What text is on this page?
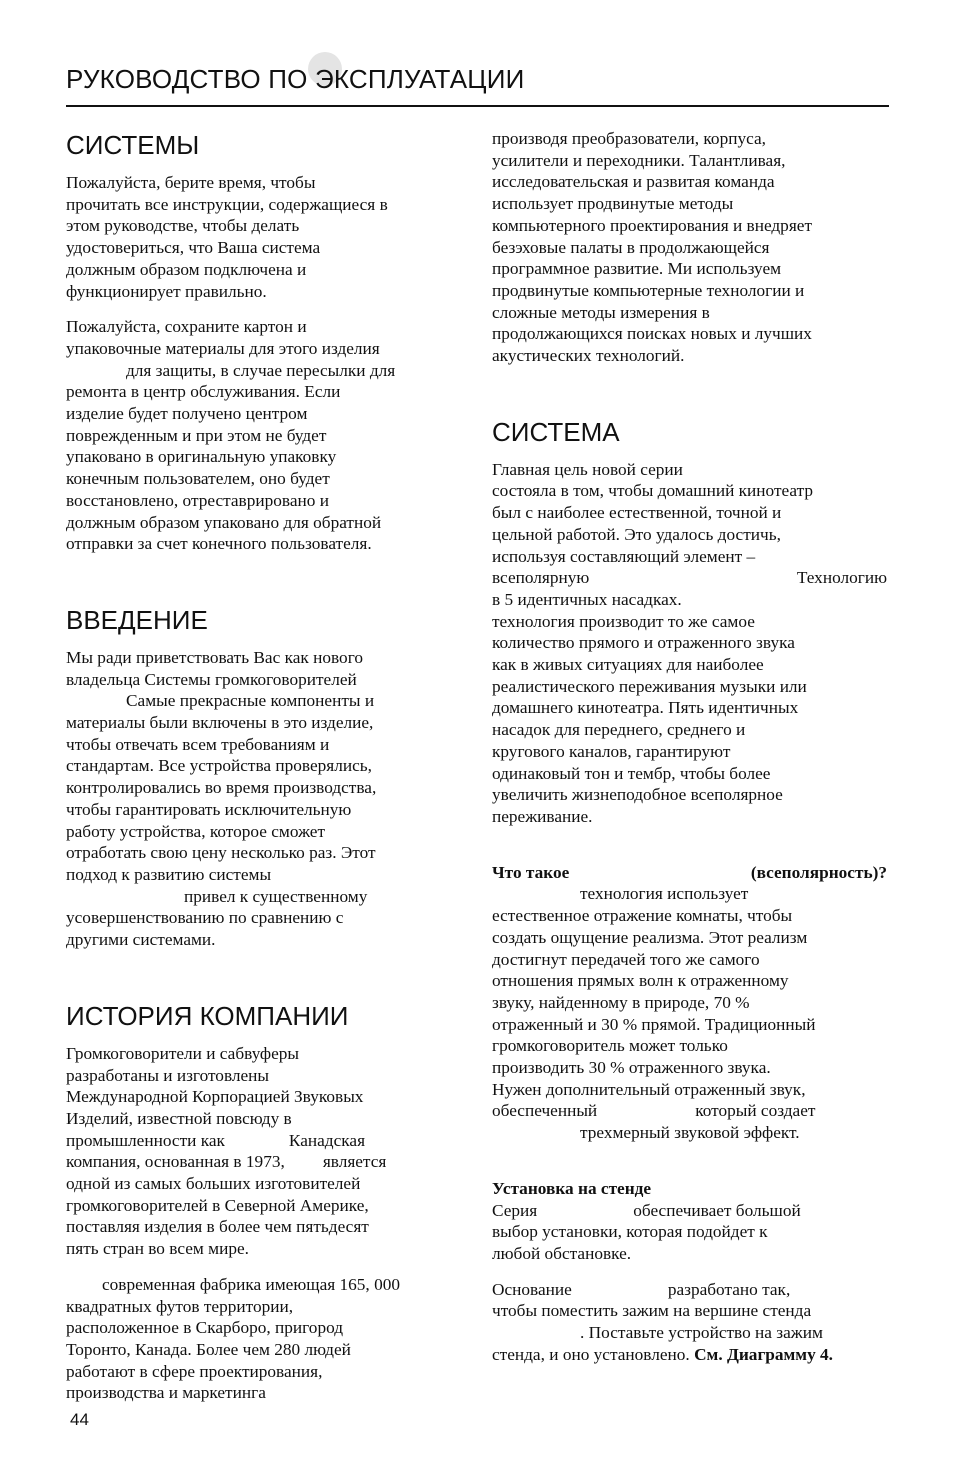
РУКОВОДСТВО ПО ЭКСПЛУАТАЦИИ
СИСТЕМЫ

Пожалуйста, берите время, чтобы
прочитать все инструкции, содержащиеся в
этом руководстве, чтобы делать
удостовериться, что Ваша система
должным образом подключена и
функционирует правильно.

Пожалуйста, сохраните картон и
упаковочные материалы для этого изделия
для защиты, в случае пересылки для
ремонта в центр обслуживания. Если
изделие будет получено центром
поврежденным и при этом не будет
упаковано в оригинальную упаковку
конечным пользователем, оно будет
восстановлено, отреставрировано и
должным образом упаковано для обратной
отправки за счет конечного пользователя.

ВВЕДЕНИЕ

Мы ради приветствовать Вас как нового
владельца Системы громкоговорителей
Самые прекрасные компоненты и
материалы были включены в это изделие,
чтобы отвечать всем требованиям и
стандартам. Все устройства проверялись,
контролировались во время производства,
чтобы гарантировать исключительную
работу устройства, которое сможет
отработать свою цену несколько раз. Этот
подход к развитию системы
привел к существенному
усовершенствованию по сравнению с
другими системами.

ИСТОРИЯ КОМПАНИИ

Громкоговорители и сабвуферы
разработаны и изготовлены
Международной Корпорацией Звуковых
Изделий, известной повсюду в
промышленности как	Канадская
компания, основанная в 1973, является
одной из самых больших изготовителей
громкоговорителей в Северной Америке,
поставляя изделия в более чем пятьдесят
пять стран во всем мире.

современная фабрика имеющая 165, 000
квадратных футов территории,
расположенное в Скарборо, пригород
Торонто, Канада. Более чем 280 людей
работают в сфере проектирования,
производства и маркетинга

производя преобразователи, корпуса,
усилители и переходники. Талантливая,
исследовательская и развитая команда
использует продвинутые методы
компьютерного проектирования и внедряет
безэховые палаты в продолжающейся
программное развитие. Ми используем
продвинутые компьютерные технологии и
сложные методы измерения в
продолжающихся поисках новых и лучших
акустических технологий.

СИСТЕМА

Главная цель новой серии
состояла в том, чтобы домашний кинотеатр
был с наиболее естественной, точной и
цельной работой. Это удалось достичь,
используя составляющий элемент –

всеполярную	Технологию
в 5 идентичных насадках.
технология производит то же самое
количество прямого и отраженного звука
как в живых ситуациях для наиболее
реалистического переживания музыки или
домашнего кинотеатра. Пять идентичных
насадок для переднего, среднего и
кругового каналов, гарантируют
одинаковый тон и тембр, чтобы более
увеличить жизнеподобное всеполярное
переживание.

Что такое	(всеполярность)?

технология использует
естественное отражение комнаты, чтобы
создать ощущение реализма. Этот реализм
достигнут передачей того же самого
отношения прямых волн к отраженному
звуку, найденному в природе, 70 %
отраженный и 30 % прямой. Традиционный
громкоговоритель может только
производить 30 % отраженного звука.
Нужен дополнительный отраженный звук,
обеспеченный	который создает
трехмерный звуковой эффект.

Установка на стенде

Серия	обеспечивает большой
выбор установки, которая подойдет к
любой обстановке.

Основание	разработано так,
чтобы поместить зажим на вершине стенда
. Поставьте устройство на зажим
стенда, и оно установлено. См. Диаграмму 4.

44
